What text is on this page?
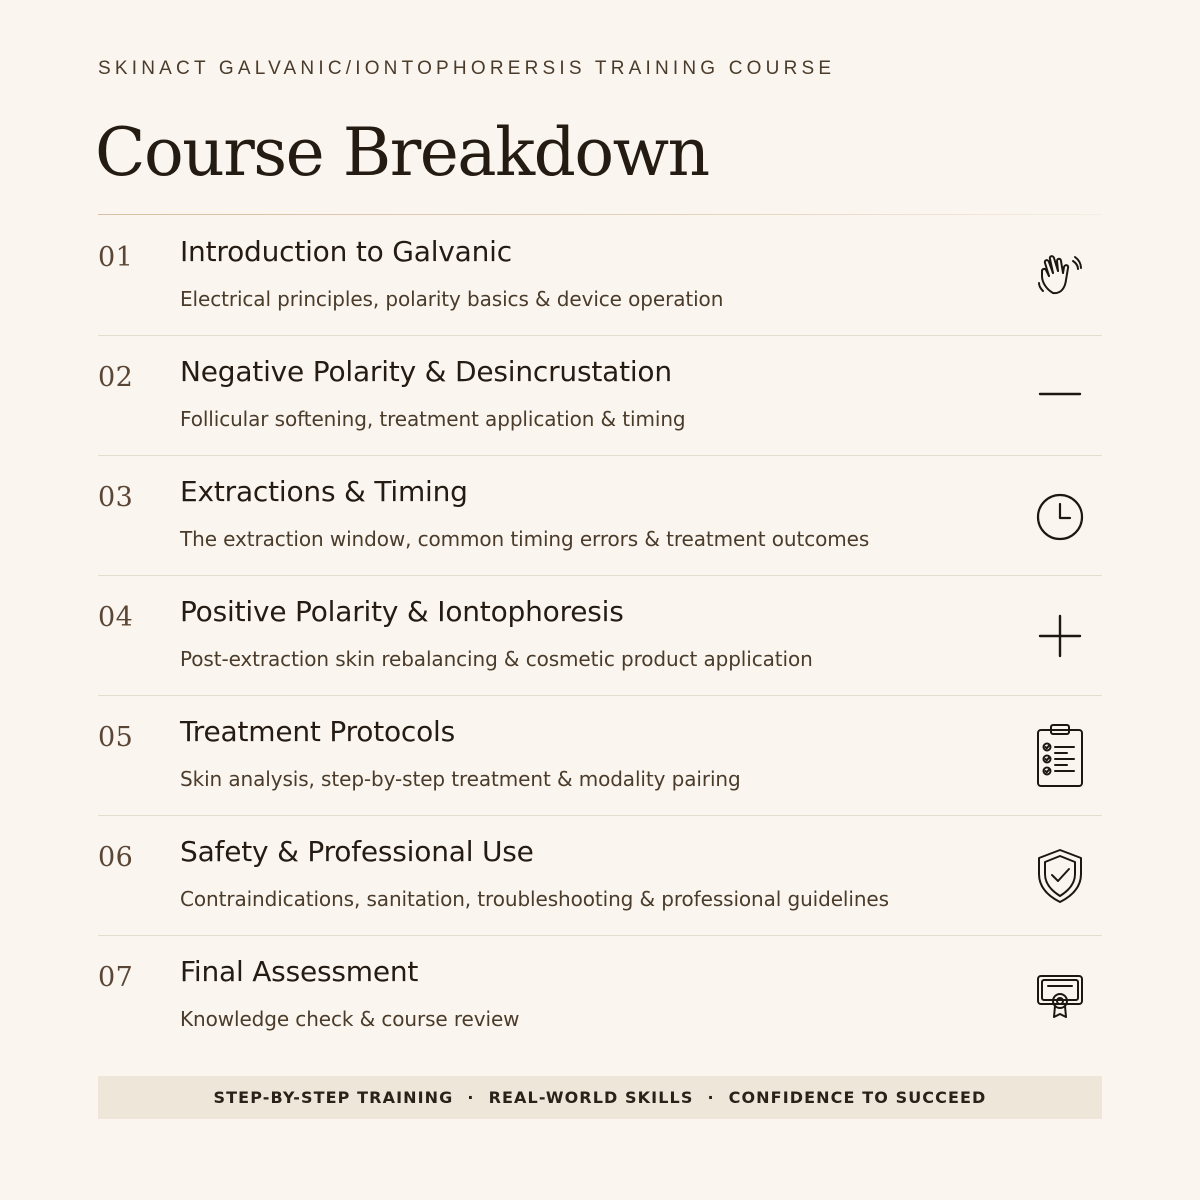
SKINACT GALVANIC/IONTOPHORERSIS TRAINING COURSE
Course Breakdown
01 Introduction to Galvanic
Electrical principles, polarity basics & device operation
02 Negative Polarity & Desincrustation
Follicular softening, treatment application & timing
03 Extractions & Timing
The extraction window, common timing errors & treatment outcomes
04 Positive Polarity & Iontophoresis
Post-extraction skin rebalancing & cosmetic product application
05 Treatment Protocols
Skin analysis, step-by-step treatment & modality pairing
06 Safety & Professional Use
Contraindications, sanitation, troubleshooting & professional guidelines
07 Final Assessment
Knowledge check & course review
STEP-BY-STEP TRAINING · REAL-WORLD SKILLS · CONFIDENCE TO SUCCEED
